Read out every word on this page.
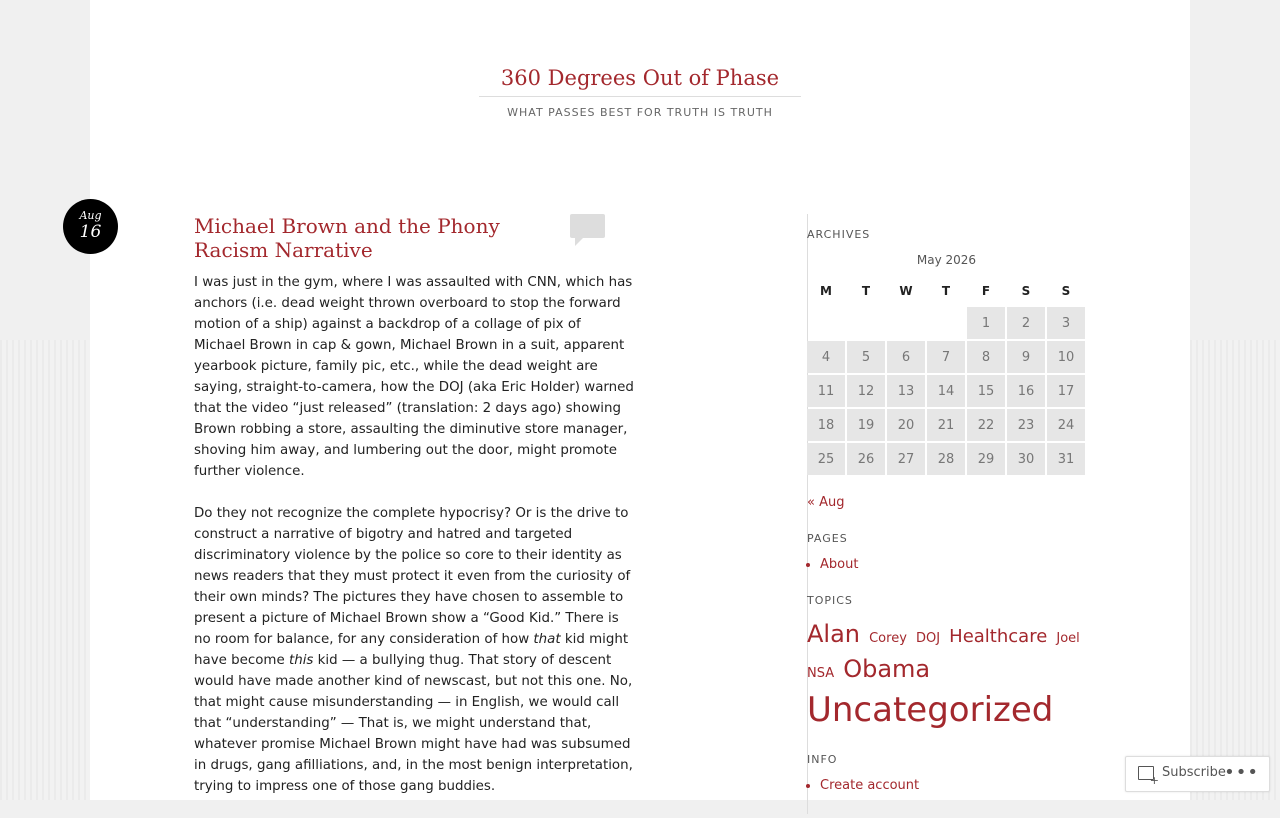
360 Degrees Out of Phase
WHAT PASSES BEST FOR TRUTH IS TRUTH
Aug
16	Michael Brown and the Phony Racism Narrative

I was just in the gym, where I was assaulted with CNN, which has anchors (i.e. dead weight thrown overboard to stop the forward motion of a ship) against a backdrop of a collage of pix of Michael Brown in cap & gown, Michael Brown in a suit, apparent yearbook picture, family pic, etc., while the dead weight are saying, straight-to-camera, how the DOJ (aka Eric Holder) warned that the video “just released” (translation: 2 days ago) showing Brown robbing a store, assaulting the diminutive store manager, shoving him away, and lumbering out the door, might promote further violence.

Do they not recognize the complete hypocrisy? Or is the drive to construct a narrative of bigotry and hatred and targeted discriminatory violence by the police so core to their identity as news readers that they must protect it even from the curiosity of their own minds? The pictures they have chosen to assemble to present a picture of Michael Brown show a “Good Kid.” There is no room for balance, for any consideration of how that kid might have become this kid — a bullying thug. That story of descent would have made another kind of newscast, but not this one. No, that might cause misunderstanding — in English, we would call that “understanding” — That is, we might understand that, whatever promise Michael Brown might have had was subsumed in drugs, gang afilliations, and, in the most benign interpretation, trying to impress one of those gang buddies.

ARCHIVES
May 2026
M	T	W	T	F	S	S
				1	2	3
4	5	6	7	8	9	10
11	12	13	14	15	16	17
18	19	20	21	22	23	24
25	26	27	28	29	30	31
« Aug
PAGES
• About
TOPICS
Alan Corey DOJ Healthcare Joel NSA Obama Uncategorized
INFO
• Create account
+
Subscribe
•••
